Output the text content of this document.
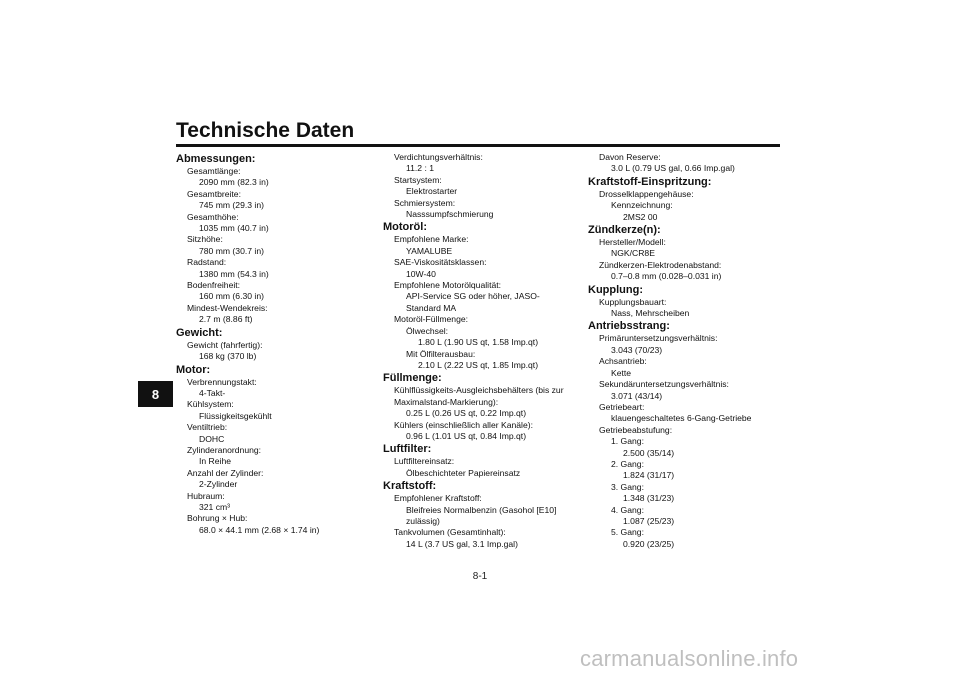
Technische Daten
8
Abmessungen:
Gesamtlänge:
2090 mm (82.3 in)
Gesamtbreite:
745 mm (29.3 in)
Gesamthöhe:
1035 mm (40.7 in)
Sitzhöhe:
780 mm (30.7 in)
Radstand:
1380 mm (54.3 in)
Bodenfreiheit:
160 mm (6.30 in)
Mindest-Wendekreis:
2.7 m (8.86 ft)
Gewicht:
Gewicht (fahrfertig):
168 kg (370 lb)
Motor:
Verbrennungstakt:
4-Takt-
Kühlsystem:
Flüssigkeitsgekühlt
Ventiltrieb:
DOHC
Zylinderanordnung:
In Reihe
Anzahl der Zylinder:
2-Zylinder
Hubraum:
321 cm³
Bohrung × Hub:
68.0 × 44.1 mm (2.68 × 1.74 in)
Verdichtungsverhältnis:
11.2 : 1
Startsystem:
Elektrostarter
Schmiersystem:
Nasssumpfschmierung
Motoröl:
Empfohlene Marke:
YAMALUBE
SAE-Viskositätsklassen:
10W-40
Empfohlene Motorölqualität:
API-Service SG oder höher, JASO-
Standard MA
Motoröl-Füllmenge:
Ölwechsel:
1.80 L (1.90 US qt, 1.58 Imp.qt)
Mit Ölfilterausbau:
2.10 L (2.22 US qt, 1.85 Imp.qt)
Füllmenge:
Kühlflüssigkeits-Ausgleichsbehälters (bis zur
Maximalstand-Markierung):
0.25 L (0.26 US qt, 0.22 Imp.qt)
Kühlers (einschließlich aller Kanäle):
0.96 L (1.01 US qt, 0.84 Imp.qt)
Luftfilter:
Luftfiltereinsatz:
Ölbeschichteter Papiereinsatz
Kraftstoff:
Empfohlener Kraftstoff:
Bleifreies Normalbenzin (Gasohol [E10]
zulässig)
Tankvolumen (Gesamtinhalt):
14 L (3.7 US gal, 3.1 Imp.gal)
Davon Reserve:
3.0 L (0.79 US gal, 0.66 Imp.gal)
Kraftstoff-Einspritzung:
Drosselklappengehäuse:
Kennzeichnung:
2MS2 00
Zündkerze(n):
Hersteller/Modell:
NGK/CR8E
Zündkerzen-Elektrodenabstand:
0.7–0.8 mm (0.028–0.031 in)
Kupplung:
Kupplungsbauart:
Nass, Mehrscheiben
Antriebsstrang:
Primäruntersetzungsverhältnis:
3.043 (70/23)
Achsantrieb:
Kette
Sekundäruntersetzungsverhältnis:
3.071 (43/14)
Getriebeart:
klauengeschaltetes 6-Gang-Getriebe
Getriebeabstufung:
1. Gang:
2.500 (35/14)
2. Gang:
1.824 (31/17)
3. Gang:
1.348 (31/23)
4. Gang:
1.087 (25/23)
5. Gang:
0.920 (23/25)
8-1
carmanualsonline.info
